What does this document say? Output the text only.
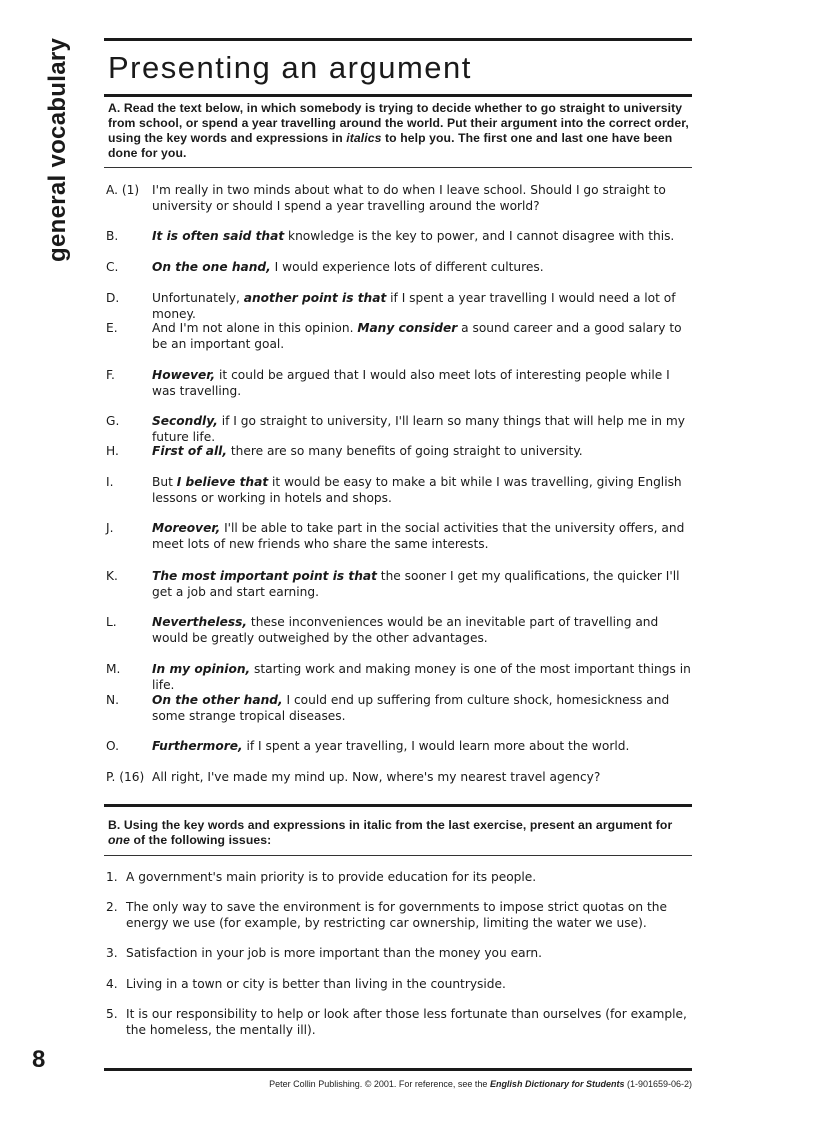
general vocabulary Presenting an argument
A. Read the text below, in which somebody is trying to decide whether to go straight to university from school, or spend a year travelling around the world. Put their argument into the correct order, using the key words and expressions in italics to help you. The first one and last one have been done for you.
A. (1) I'm really in two minds about what to do when I leave school. Should I go straight to university or should I spend a year travelling around the world?
B.	It is often said that knowledge is the key to power, and I cannot disagree with this.
C.	On the one hand, I would experience lots of different cultures.
D.	Unfortunately, another point is that if I spent a year travelling I would need a lot of money.
E.	And I'm not alone in this opinion. Many consider a sound career and a good salary to be an important goal.
F.	However, it could be argued that I would also meet lots of interesting people while I was travelling.
G.	Secondly, if I go straight to university, I'll learn so many things that will help me in my future life.
H.	First of all, there are so many benefits of going straight to university.
I.	But I believe that it would be easy to make a bit while I was travelling, giving English lessons or working in hotels and shops.
J.	Moreover, I'll be able to take part in the social activities that the university offers, and meet lots of new friends who share the same interests.
K.	The most important point is that the sooner I get my qualifications, the quicker I'll get a job and start earning.
L.	Nevertheless, these inconveniences would be an inevitable part of travelling and would be greatly outweighed by the other advantages.
M.	In my opinion, starting work and making money is one of the most important things in life.
N.	On the other hand, I could end up suffering from culture shock, homesickness and some strange tropical diseases.
O.	Furthermore, if I spent a year travelling, I would learn more about the world.
P. (16) All right, I've made my mind up. Now, where's my nearest travel agency?
B. Using the key words and expressions in italic from the last exercise, present an argument for one of the following issues:
1. A government's main priority is to provide education for its people.
2. The only way to save the environment is for governments to impose strict quotas on the energy we use (for example, by restricting car ownership, limiting the water we use).
3. Satisfaction in your job is more important than the money you earn.
4. Living in a town or city is better than living in the countryside.
5. It is our responsibility to help or look after those less fortunate than ourselves (for example, the homeless, the mentally ill).
8
Peter Collin Publishing. © 2001. For reference, see the English Dictionary for Students (1-901659-06-2)
